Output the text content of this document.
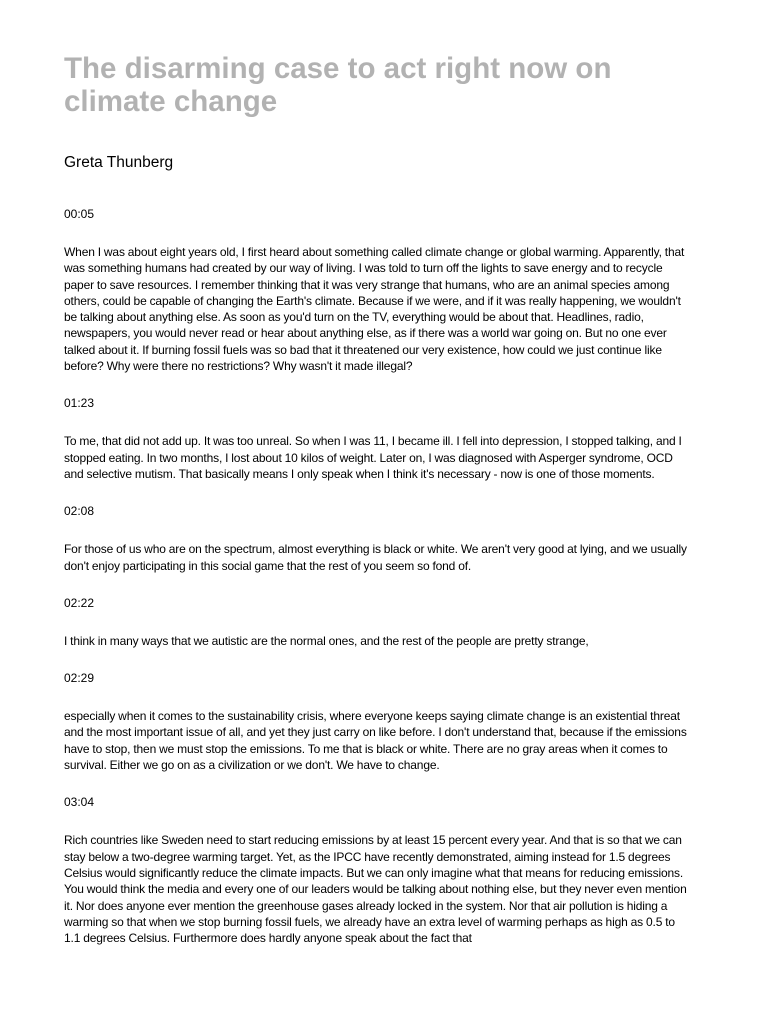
The disarming case to act right now on climate change
Greta Thunberg
00:05
When I was about eight years old, I first heard about something called climate change or global warming. Apparently, that was something humans had created by our way of living. I was told to turn off the lights to save energy and to recycle paper to save resources. I remember thinking that it was very strange that humans, who are an animal species among others, could be capable of changing the Earth's climate. Because if we were, and if it was really happening, we wouldn't be talking about anything else. As soon as you'd turn on the TV, everything would be about that. Headlines, radio, newspapers, you would never read or hear about anything else, as if there was a world war going on. But no one ever talked about it. If burning fossil fuels was so bad that it threatened our very existence, how could we just continue like before? Why were there no restrictions? Why wasn't it made illegal?
01:23
To me, that did not add up. It was too unreal. So when I was 11, I became ill. I fell into depression, I stopped talking, and I stopped eating. In two months, I lost about 10 kilos of weight. Later on, I was diagnosed with Asperger syndrome, OCD and selective mutism. That basically means I only speak when I think it's necessary - now is one of those moments.
02:08
For those of us who are on the spectrum, almost everything is black or white. We aren't very good at lying, and we usually don't enjoy participating in this social game that the rest of you seem so fond of.
02:22
I think in many ways that we autistic are the normal ones, and the rest of the people are pretty strange,
02:29
especially when it comes to the sustainability crisis, where everyone keeps saying climate change is an existential threat and the most important issue of all, and yet they just carry on like before. I don't understand that, because if the emissions have to stop, then we must stop the emissions. To me that is black or white. There are no gray areas when it comes to survival. Either we go on as a civilization or we don't. We have to change.
03:04
Rich countries like Sweden need to start reducing emissions by at least 15 percent every year. And that is so that we can stay below a two-degree warming target. Yet, as the IPCC have recently demonstrated, aiming instead for 1.5 degrees Celsius would significantly reduce the climate impacts. But we can only imagine what that means for reducing emissions. You would think the media and every one of our leaders would be talking about nothing else, but they never even mention it. Nor does anyone ever mention the greenhouse gases already locked in the system. Nor that air pollution is hiding a warming so that when we stop burning fossil fuels, we already have an extra level of warming perhaps as high as 0.5 to 1.1 degrees Celsius. Furthermore does hardly anyone speak about the fact that
